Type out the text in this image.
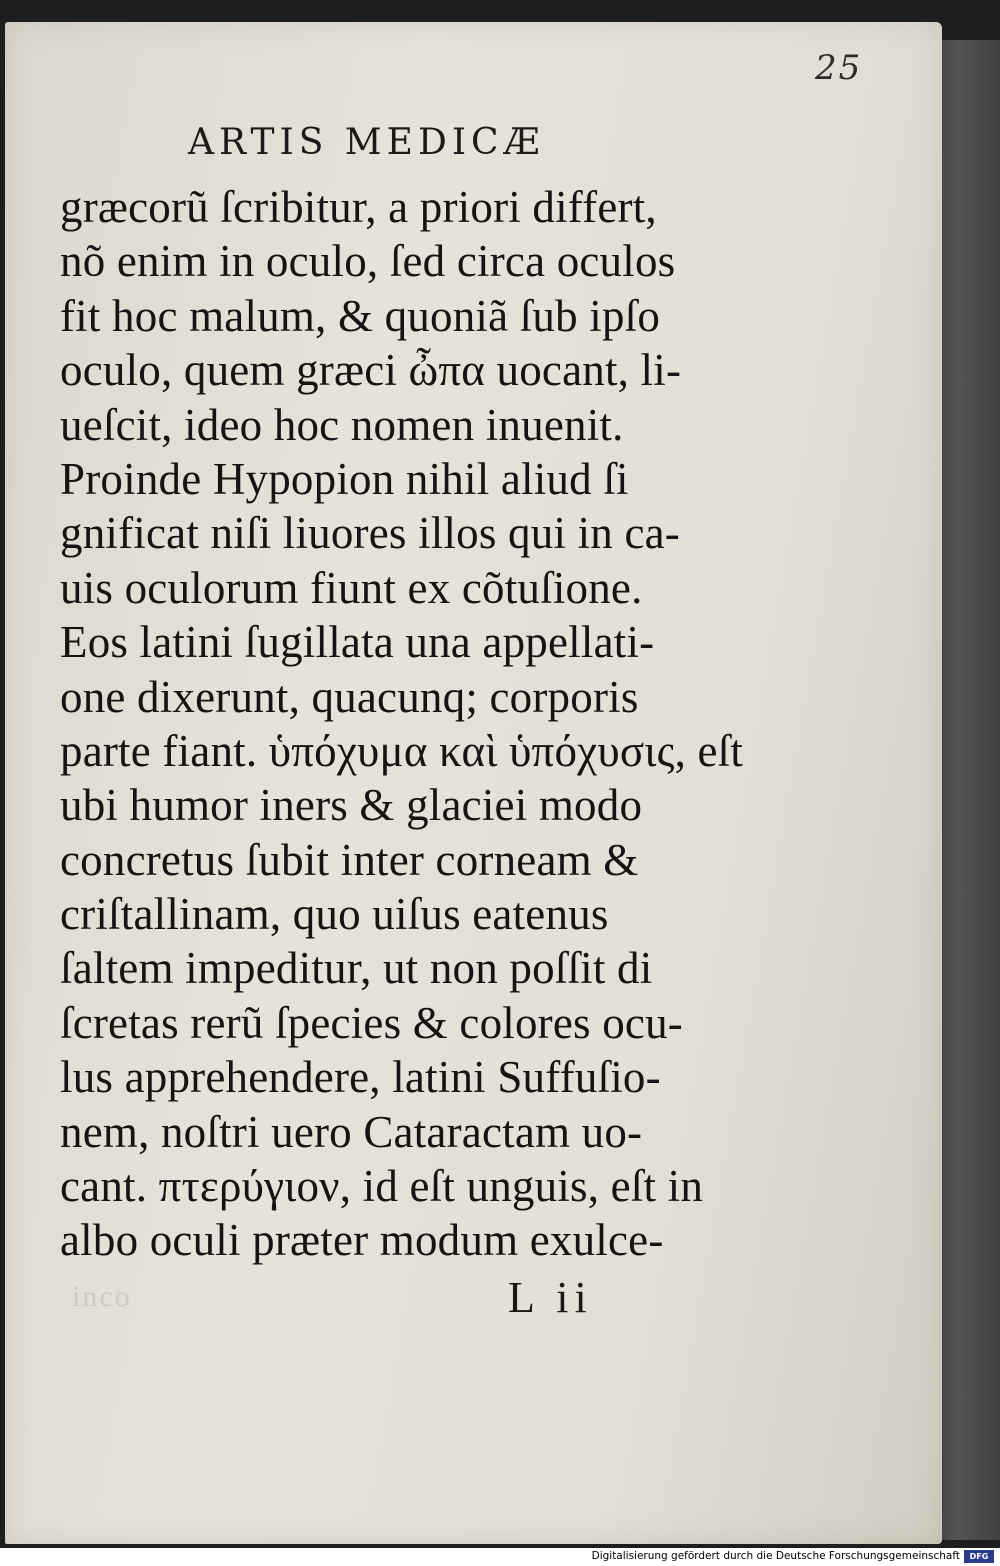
25
ARTIS MEDICÆ
græcorũ ſcribitur, a priori differt,
nõ enim in oculo, ſed circa oculos
fit hoc malum, & quoniã ſub ipſo
oculo, quem græci ὦπα uocant, li-
ueſcit, ideo hoc nomen inuenit.
Proinde Hypopion nihil aliud ſi
gnificat niſi liuores illos qui in ca-
uis oculorum fiunt ex cõtuſione.
Eos latini ſugillata una appellati-
one dixerunt, quacunq; corporis
parte fiant. ὑπόχυμα καὶ ὑπόχυσις, eſt
ubi humor iners & glaciei modo
concretus ſubit inter corneam &
criſtallinam, quo uiſus eatenus
ſaltem impeditur, ut non poſſit di
ſcretas rerũ ſpecies & colores ocu-
lus apprehendere, latini Suffuſio-
nem, noſtri uero Cataractam uo-
cant. πτερύγιον, id eſt unguis, eſt in
albo oculi præter modum exulce-
inco	L ii
Digitalisierung gefördert durch die Deutsche Forschungsgemeinschaft	DFG
